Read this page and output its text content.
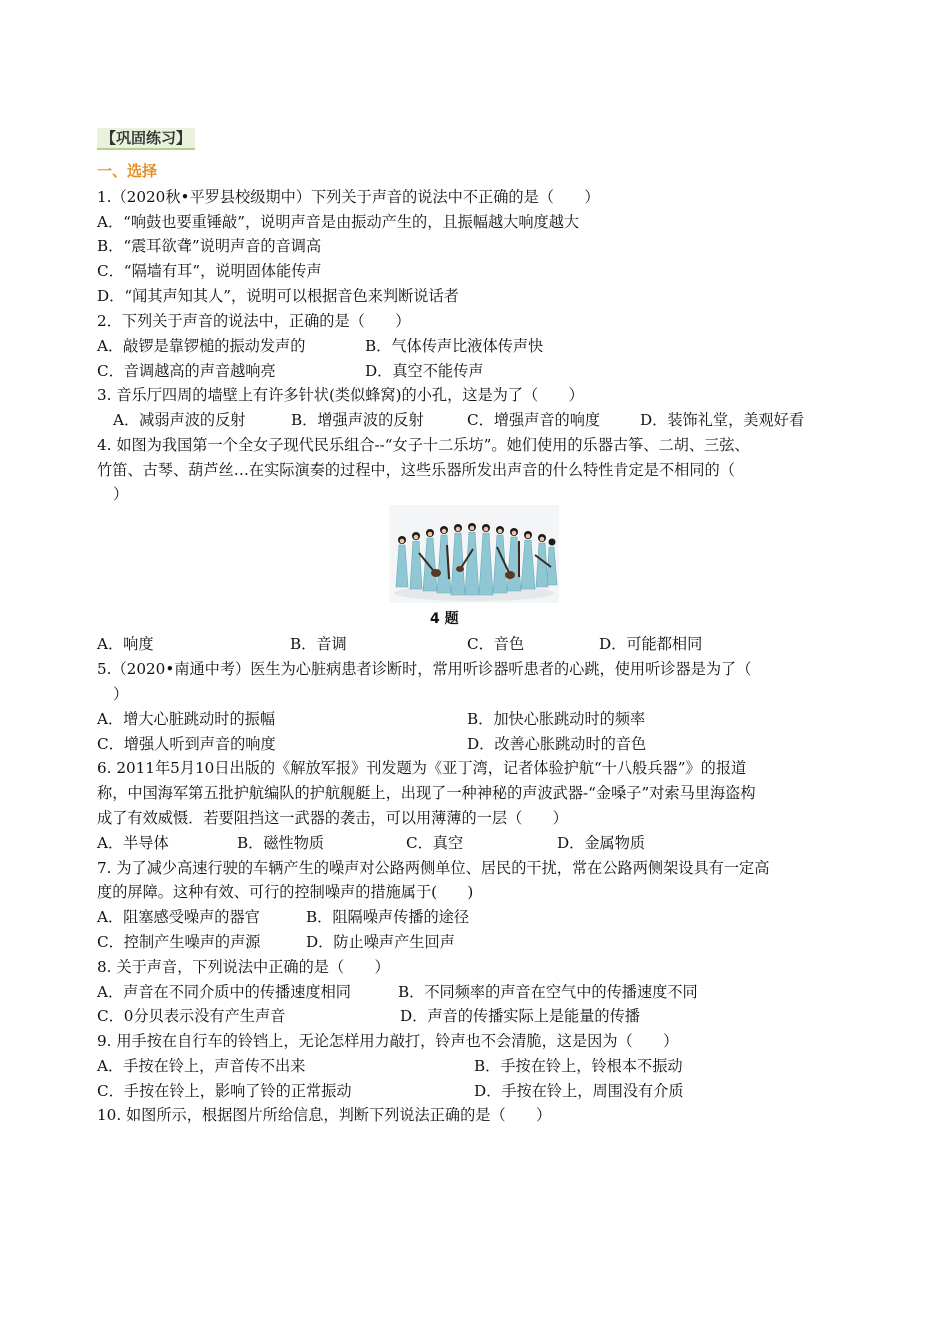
【巩固练习】
一、选择
1.（2020秋•平罗县校级期中）下列关于声音的说法中不正确的是（　　）
A．“响鼓也要重锤敲”，说明声音是由振动产生的，且振幅越大响度越大
B．“震耳欲聋”说明声音的音调高
C．“隔墙有耳”，说明固体能传声
D．“闻其声知其人”，说明可以根据音色来判断说话者
2．下列关于声音的说法中，正确的是（　　）
A．敲锣是靠锣槌的振动发声的	B．气体传声比液体传声快
C．音调越高的声音越响亮	D．真空不能传声
3. 音乐厅四周的墙壁上有许多针状(类似蜂窝)的小孔，这是为了（　　）
A．减弱声波的反射	B．增强声波的反射	C．增强声音的响度	D．装饰礼堂，美观好看
4. 如图为我国第一个全女子现代民乐组合--“女子十二乐坊”。她们使用的乐器古筝、二胡、三弦、
竹笛、古琴、葫芦丝…在实际演奏的过程中，这些乐器所发出声音的什么特性肯定是不相同的（
）
4 题
A．响度	B．音调	C．音色	D．可能都相同
5.（2020•南通中考）医生为心脏病患者诊断时，常用听诊器听患者的心跳，使用听诊器是为了（
）
A．增大心脏跳动时的振幅	B．加快心胀跳动时的频率
C．增强人听到声音的响度	D．改善心胀跳动时的音色
6. 2011年5月10日出版的《解放军报》刊发题为《亚丁湾，记者体验护航“十八般兵器”》的报道
称，中国海军第五批护航编队的护航舰艇上，出现了一种神秘的声波武器-“金嗓子”对索马里海盗构
成了有效威慑．若要阻挡这一武器的袭击，可以用薄薄的一层（　　）
A．半导体	B．磁性物质	C．真空	D．金属物质
7. 为了减少高速行驶的车辆产生的噪声对公路两侧单位、居民的干扰，常在公路两侧架设具有一定高
度的屏障。这种有效、可行的控制噪声的措施属于(　　)
A．阻塞感受噪声的器官	B．阻隔噪声传播的途径
C．控制产生噪声的声源	D．防止噪声产生回声
8. 关于声音，下列说法中正确的是（　　）
A．声音在不同介质中的传播速度相同	B．不同频率的声音在空气中的传播速度不同
C．0分贝表示没有产生声音	D．声音的传播实际上是能量的传播
9. 用手按在自行车的铃铛上，无论怎样用力敲打，铃声也不会清脆，这是因为（　　）
A．手按在铃上，声音传不出来	B．手按在铃上，铃根本不振动
C．手按在铃上，影响了铃的正常振动	D．手按在铃上，周围没有介质
10. 如图所示，根据图片所给信息，判断下列说法正确的是（　　）
